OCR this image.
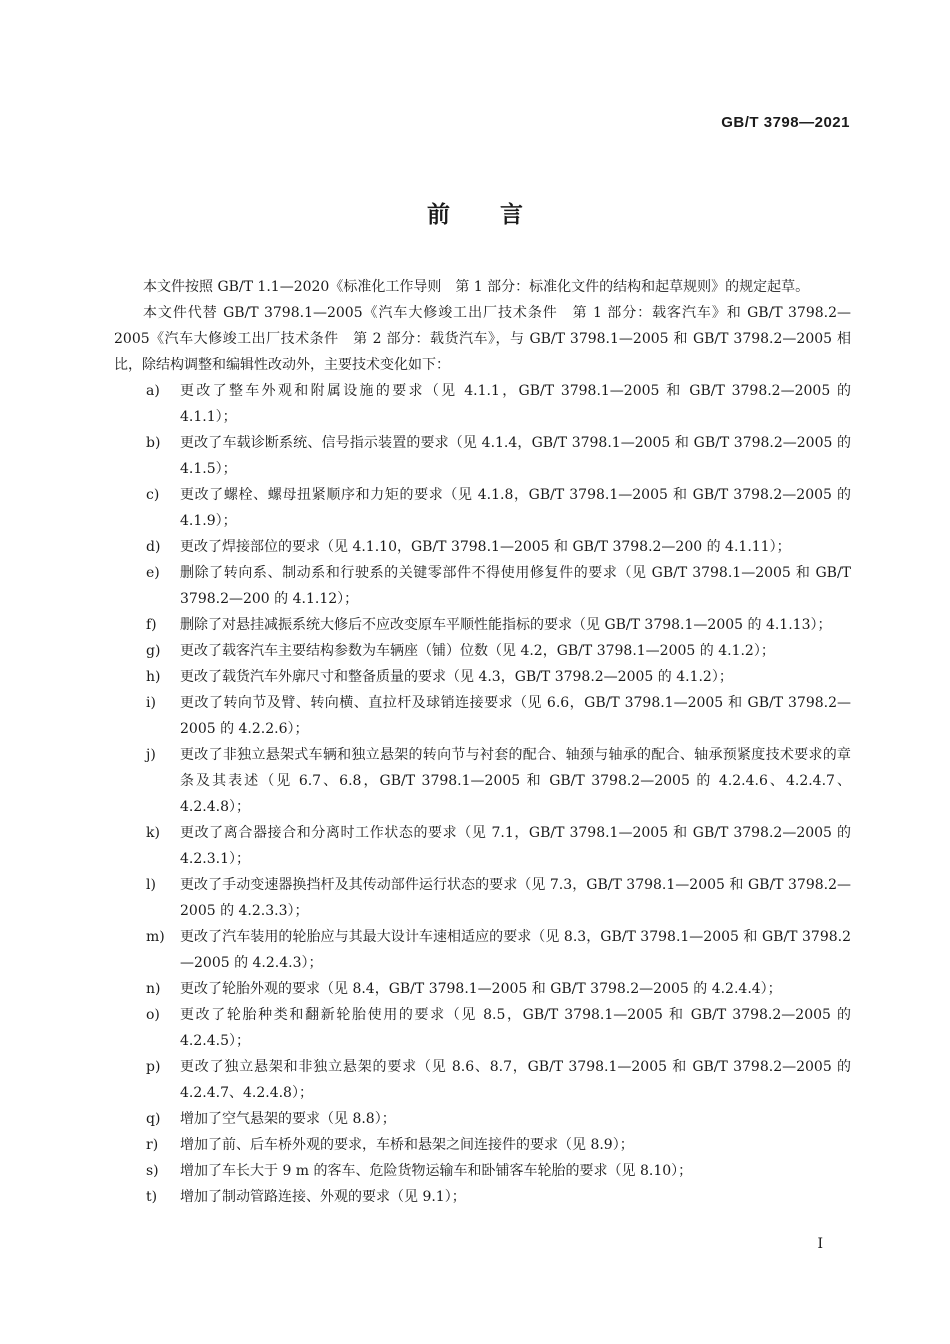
GB/T 3798—2021
前 言

本文件按照 GB/T 1.1—2020《标准化工作导则　第 1 部分：标准化文件的结构和起草规则》的规定起草。

本文件代替 GB/T 3798.1—2005《汽车大修竣工出厂技术条件　第 1 部分：载客汽车》和 GB/T 3798.2—2005《汽车大修竣工出厂技术条件　第 2 部分：载货汽车》，与 GB/T 3798.1—2005 和 GB/T 3798.2—2005 相比，除结构调整和编辑性改动外，主要技术变化如下：

a) 更改了整车外观和附属设施的要求（见 4.1.1，GB/T 3798.1—2005 和 GB/T 3798.2—2005 的 4.1.1）；
b) 更改了车载诊断系统、信号指示装置的要求（见 4.1.4，GB/T 3798.1—2005 和 GB/T 3798.2—2005 的 4.1.5）；
c) 更改了螺栓、螺母扭紧顺序和力矩的要求（见 4.1.8，GB/T 3798.1—2005 和 GB/T 3798.2—2005 的 4.1.9）；
d) 更改了焊接部位的要求（见 4.1.10，GB/T 3798.1—2005 和 GB/T 3798.2—200 的 4.1.11）；
e) 删除了转向系、制动系和行驶系的关键零部件不得使用修复件的要求（见 GB/T 3798.1—2005 和 GB/T 3798.2—200 的 4.1.12）；
f) 删除了对悬挂减振系统大修后不应改变原车平顺性能指标的要求（见 GB/T 3798.1—2005 的 4.1.13）；
g) 更改了载客汽车主要结构参数为车辆座（铺）位数（见 4.2，GB/T 3798.1—2005 的 4.1.2）；
h) 更改了载货汽车外廓尺寸和整备质量的要求（见 4.3，GB/T 3798.2—2005 的 4.1.2）；
i) 更改了转向节及臂、转向横、直拉杆及球销连接要求（见 6.6，GB/T 3798.1—2005 和 GB/T 3798.2—2005 的 4.2.2.6）；
j) 更改了非独立悬架式车辆和独立悬架的转向节与衬套的配合、轴颈与轴承的配合、轴承预紧度技术要求的章条及其表述（见 6.7、6.8，GB/T 3798.1—2005 和 GB/T 3798.2—2005 的 4.2.4.6、4.2.4.7、4.2.4.8）；
k) 更改了离合器接合和分离时工作状态的要求（见 7.1，GB/T 3798.1—2005 和 GB/T 3798.2—2005 的 4.2.3.1）；
l) 更改了手动变速器换挡杆及其传动部件运行状态的要求（见 7.3，GB/T 3798.1—2005 和 GB/T 3798.2—2005 的 4.2.3.3）；
m) 更改了汽车装用的轮胎应与其最大设计车速相适应的要求（见 8.3，GB/T 3798.1—2005 和 GB/T 3798.2—2005 的 4.2.4.3）；
n) 更改了轮胎外观的要求（见 8.4，GB/T 3798.1—2005 和 GB/T 3798.2—2005 的 4.2.4.4）；
o) 更改了轮胎种类和翻新轮胎使用的要求（见 8.5，GB/T 3798.1—2005 和 GB/T 3798.2—2005 的 4.2.4.5）；
p) 更改了独立悬架和非独立悬架的要求（见 8.6、8.7，GB/T 3798.1—2005 和 GB/T 3798.2—2005 的 4.2.4.7、4.2.4.8）；
q) 增加了空气悬架的要求（见 8.8）；
r) 增加了前、后车桥外观的要求，车桥和悬架之间连接件的要求（见 8.9）；
s) 增加了车长大于 9 m 的客车、危险货物运输车和卧铺客车轮胎的要求（见 8.10）；
t) 增加了制动管路连接、外观的要求（见 9.1）；
I
